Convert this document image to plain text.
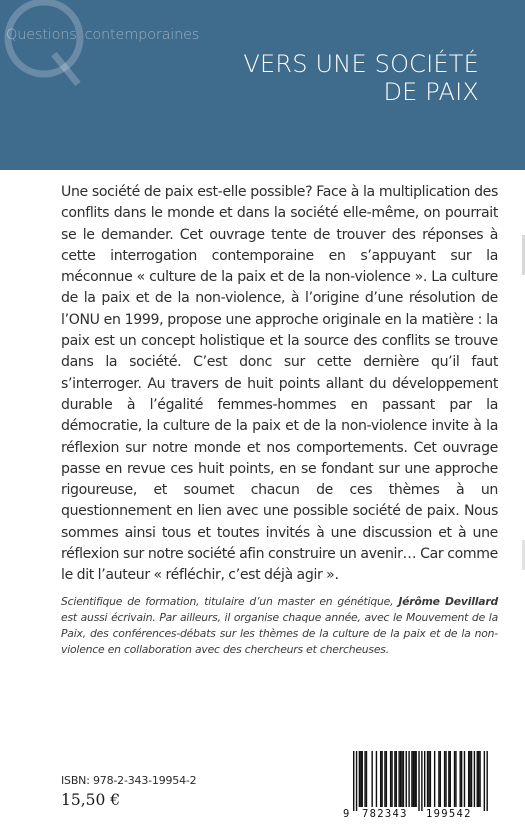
Questions contemporaines
VERS UNE SOCIÉTÉ
DE PAIX
Une société de paix est-elle possible? Face à la multiplication des conflits dans le monde et dans la société elle-même, on pourrait se le demander. Cet ouvrage tente de trouver des réponses à cette interrogation contemporaine en s’appuyant sur la méconnue « culture de la paix et de la non-violence ». La culture de la paix et de la non-violence, à l’origine d’une résolution de l’ONU en 1999, propose une approche originale en la matière : la paix est un concept holistique et la source des conflits se trouve dans la société. C’est donc sur cette dernière qu’il faut s’interroger. Au travers de huit points allant du développement durable à l’égalité femmes-hommes en passant par la démocratie, la culture de la paix et de la non-violence invite à la réflexion sur notre monde et nos comportements. Cet ouvrage passe en revue ces huit points, en se fondant sur une approche rigoureuse, et soumet chacun de ces thèmes à un questionnement en lien avec une possible société de paix. Nous sommes ainsi tous et toutes invités à une discussion et à une réflexion sur notre société afin construire un avenir… Car comme le dit l’auteur « réfléchir, c’est déjà agir ».
Scientifique de formation, titulaire d’un master en génétique, Jérôme Devillard est aussi écrivain. Par ailleurs, il organise chaque année, avec le Mouvement de la Paix, des conférences-débats sur les thèmes de la culture de la paix et de la non-violence en collaboration avec des chercheurs et chercheuses.
ISBN: 978-2-343-19954-2
15,50 €
9 782343 199542
